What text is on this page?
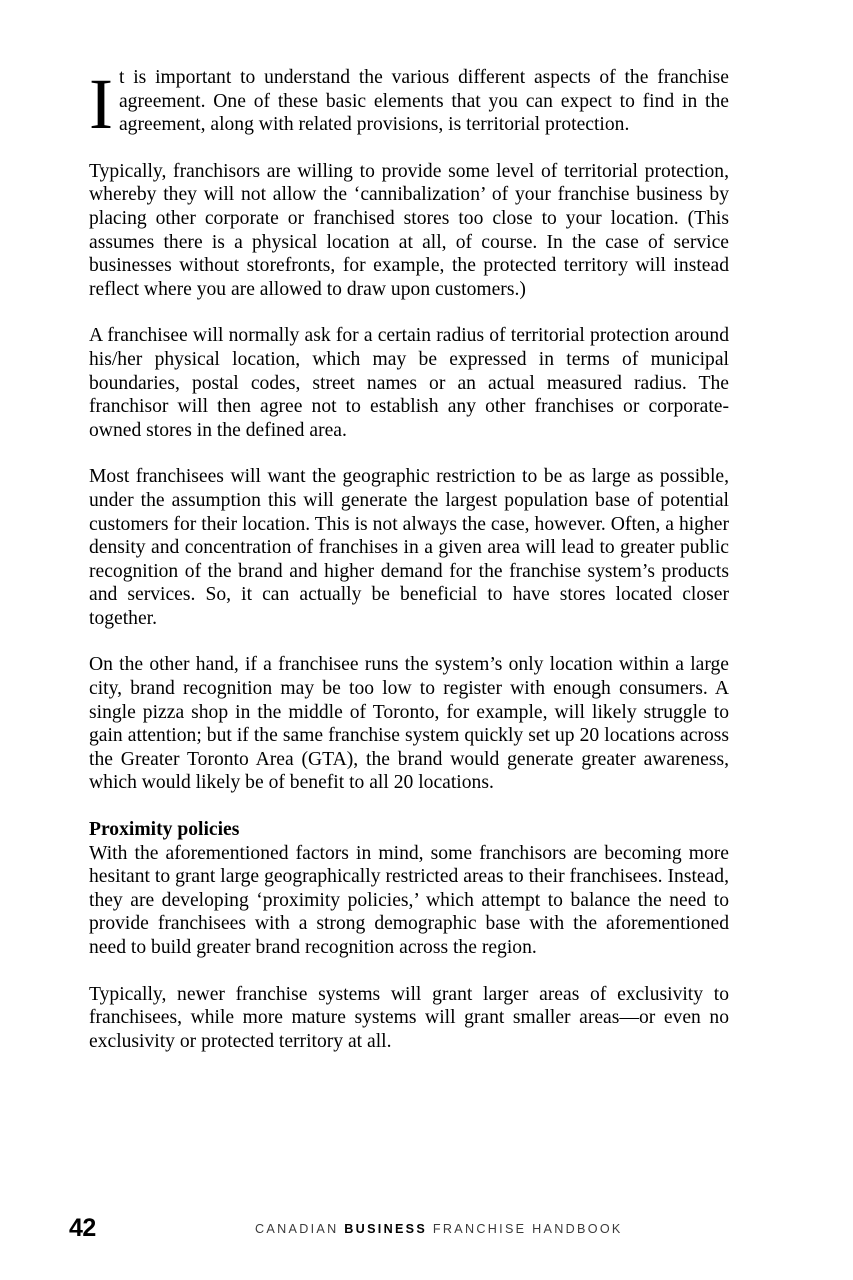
It is important to understand the various different aspects of the franchise agreement. One of these basic elements that you can expect to find in the agreement, along with related provisions, is territorial protection.

Typically, franchisors are willing to provide some level of territorial protection, whereby they will not allow the ‘cannibalization’ of your franchise business by placing other corporate or franchised stores too close to your location. (This assumes there is a physical location at all, of course. In the case of service businesses without storefronts, for example, the protected territory will instead reflect where you are allowed to draw upon customers.)

A franchisee will normally ask for a certain radius of territorial protection around his/her physical location, which may be expressed in terms of municipal boundaries, postal codes, street names or an actual measured radius. The franchisor will then agree not to establish any other franchises or corporate-owned stores in the defined area.

Most franchisees will want the geographic restriction to be as large as possible, under the assumption this will generate the largest population base of potential customers for their location. This is not always the case, however. Often, a higher density and concentration of franchises in a given area will lead to greater public recognition of the brand and higher demand for the franchise system’s products and services. So, it can actually be beneficial to have stores located closer together.

On the other hand, if a franchisee runs the system’s only location within a large city, brand recognition may be too low to register with enough consumers. A single pizza shop in the middle of Toronto, for example, will likely struggle to gain attention; but if the same franchise system quickly set up 20 locations across the Greater Toronto Area (GTA), the brand would generate greater awareness, which would likely be of benefit to all 20 locations.

Proximity policies

With the aforementioned factors in mind, some franchisors are becoming more hesitant to grant large geographically restricted areas to their franchisees. Instead, they are developing ‘proximity policies,’ which attempt to balance the need to provide franchisees with a strong demographic base with the aforementioned need to build greater brand recognition across the region.

Typically, newer franchise systems will grant larger areas of exclusivity to franchisees, while more mature systems will grant smaller areas—or even no exclusivity or protected territory at all.

42	CANADIAN BUSINESS FRANCHISE HANDBOOK
